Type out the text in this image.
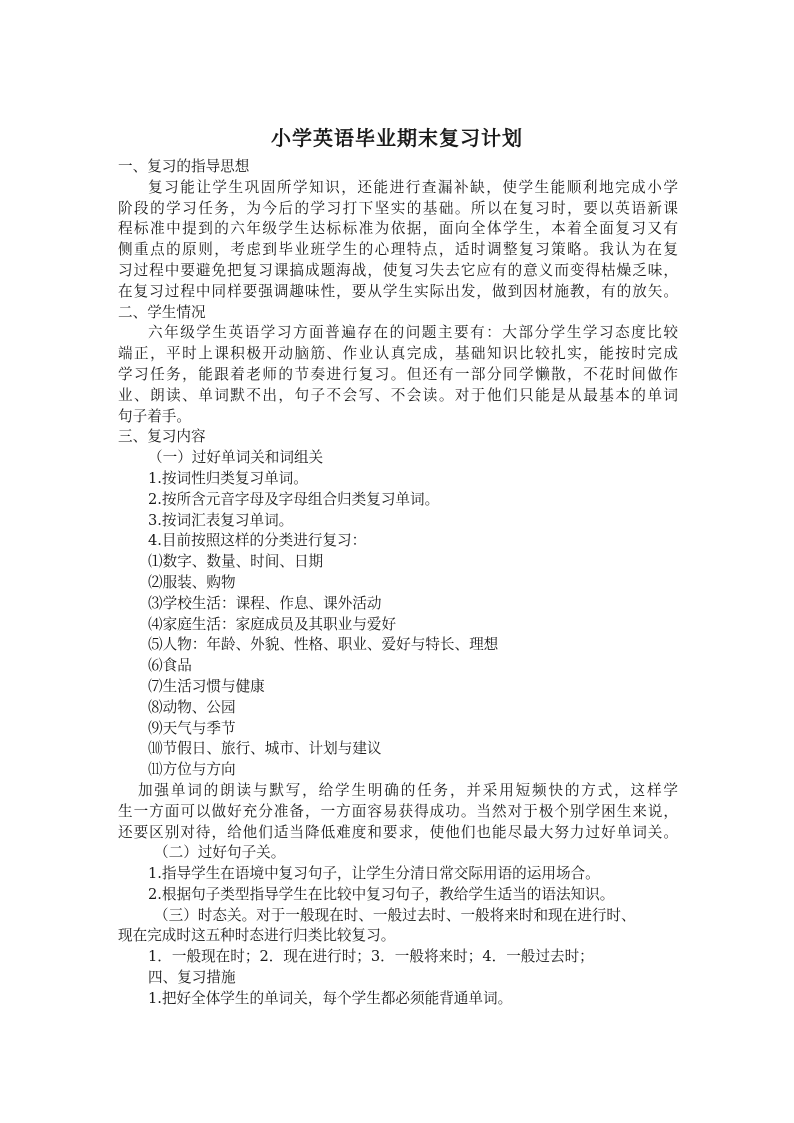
小学英语毕业期末复习计划
一、复习的指导思想
复习能让学生巩固所学知识，还能进行查漏补缺，使学生能顺利地完成小学
阶段的学习任务，为今后的学习打下坚实的基础。所以在复习时，要以英语新课
程标准中提到的六年级学生达标标准为依据，面向全体学生，本着全面复习又有
侧重点的原则，考虑到毕业班学生的心理特点，适时调整复习策略。我认为在复
习过程中要避免把复习课搞成题海战，使复习失去它应有的意义而变得枯燥乏味，
在复习过程中同样要强调趣味性，要从学生实际出发，做到因材施教，有的放矢。
二、学生情况
六年级学生英语学习方面普遍存在的问题主要有：大部分学生学习态度比较
端正，平时上课积极开动脑筋、作业认真完成，基础知识比较扎实，能按时完成
学习任务，能跟着老师的节奏进行复习。但还有一部分同学懒散，不花时间做作
业、朗读、单词默不出，句子不会写、不会读。对于他们只能是从最基本的单词
句子着手。
三、复习内容
（一）过好单词关和词组关
1.按词性归类复习单词。
2.按所含元音字母及字母组合归类复习单词。
3.按词汇表复习单词。
4.目前按照这样的分类进行复习：
⑴数字、数量、时间、日期
⑵服装、购物
⑶学校生活：课程、作息、课外活动
⑷家庭生活：家庭成员及其职业与爱好
⑸人物：年龄、外貌、性格、职业、爱好与特长、理想
⑹食品
⑺生活习惯与健康
⑻动物、公园
⑼天气与季节
⑽节假日、旅行、城市、计划与建议
⑾方位与方向
加强单词的朗读与默写，给学生明确的任务，并采用短频快的方式，这样学
生一方面可以做好充分准备，一方面容易获得成功。当然对于极个别学困生来说，
还要区别对待，给他们适当降低难度和要求，使他们也能尽最大努力过好单词关。
（二）过好句子关。
1.指导学生在语境中复习句子，让学生分清日常交际用语的运用场合。
2.根据句子类型指导学生在比较中复习句子，教给学生适当的语法知识。
（三）时态关。对于一般现在时、一般过去时、一般将来时和现在进行时、
现在完成时这五种时态进行归类比较复习。
1．一般现在时；2．现在进行时；3．一般将来时；4．一般过去时；
四、复习措施
1.把好全体学生的单词关，每个学生都必须能背通单词。
